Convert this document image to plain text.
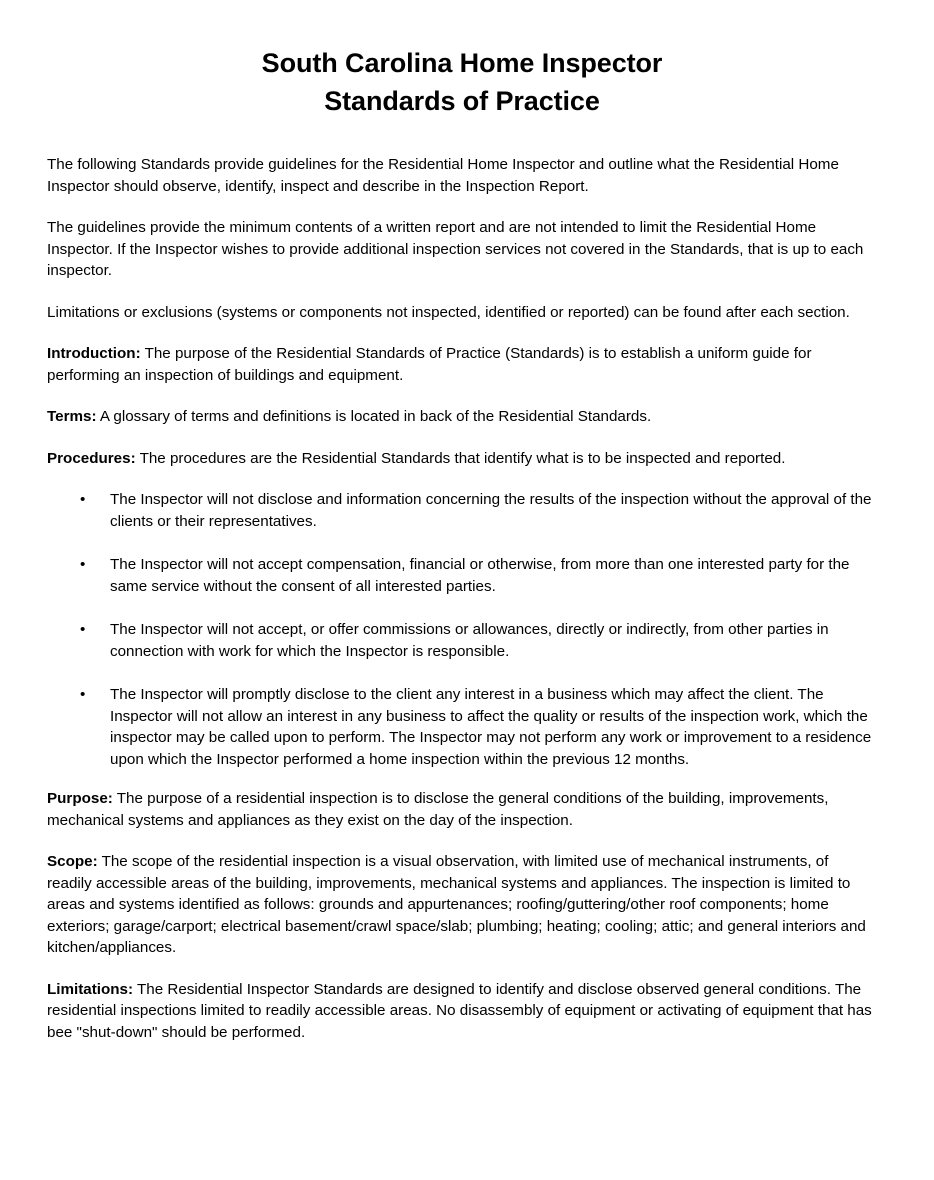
South Carolina Home Inspector
Standards of Practice

The following Standards provide guidelines for the Residential Home Inspector and outline what the Residential Home Inspector should observe, identify, inspect and describe in the Inspection Report.

The guidelines provide the minimum contents of a written report and are not intended to limit the Residential Home Inspector. If the Inspector wishes to provide additional inspection services not covered in the Standards, that is up to each inspector.

Limitations or exclusions (systems or components not inspected, identified or reported) can be found after each section.

Introduction: The purpose of the Residential Standards of Practice (Standards) is to establish a uniform guide for performing an inspection of buildings and equipment.

Terms: A glossary of terms and definitions is located in back of the Residential Standards.

Procedures: The procedures are the Residential Standards that identify what is to be inspected and reported.

• The Inspector will not disclose and information concerning the results of the inspection without the approval of the clients or their representatives.
• The Inspector will not accept compensation, financial or otherwise, from more than one interested party for the same service without the consent of all interested parties.
• The Inspector will not accept, or offer commissions or allowances, directly or indirectly, from other parties in connection with work for which the Inspector is responsible.
• The Inspector will promptly disclose to the client any interest in a business which may affect the client. The Inspector will not allow an interest in any business to affect the quality or results of the inspection work, which the inspector may be called upon to perform. The Inspector may not perform any work or improvement to a residence upon which the Inspector performed a home inspection within the previous 12 months.

Purpose: The purpose of a residential inspection is to disclose the general conditions of the building, improvements, mechanical systems and appliances as they exist on the day of the inspection.

Scope: The scope of the residential inspection is a visual observation, with limited use of mechanical instruments, of readily accessible areas of the building, improvements, mechanical systems and appliances. The inspection is limited to areas and systems identified as follows: grounds and appurtenances; roofing/guttering/other roof components; home exteriors; garage/carport; electrical basement/crawl space/slab; plumbing; heating; cooling; attic; and general interiors and kitchen/appliances.

Limitations: The Residential Inspector Standards are designed to identify and disclose observed general conditions. The residential inspections limited to readily accessible areas. No disassembly of equipment or activating of equipment that has bee "shut-down" should be performed.
